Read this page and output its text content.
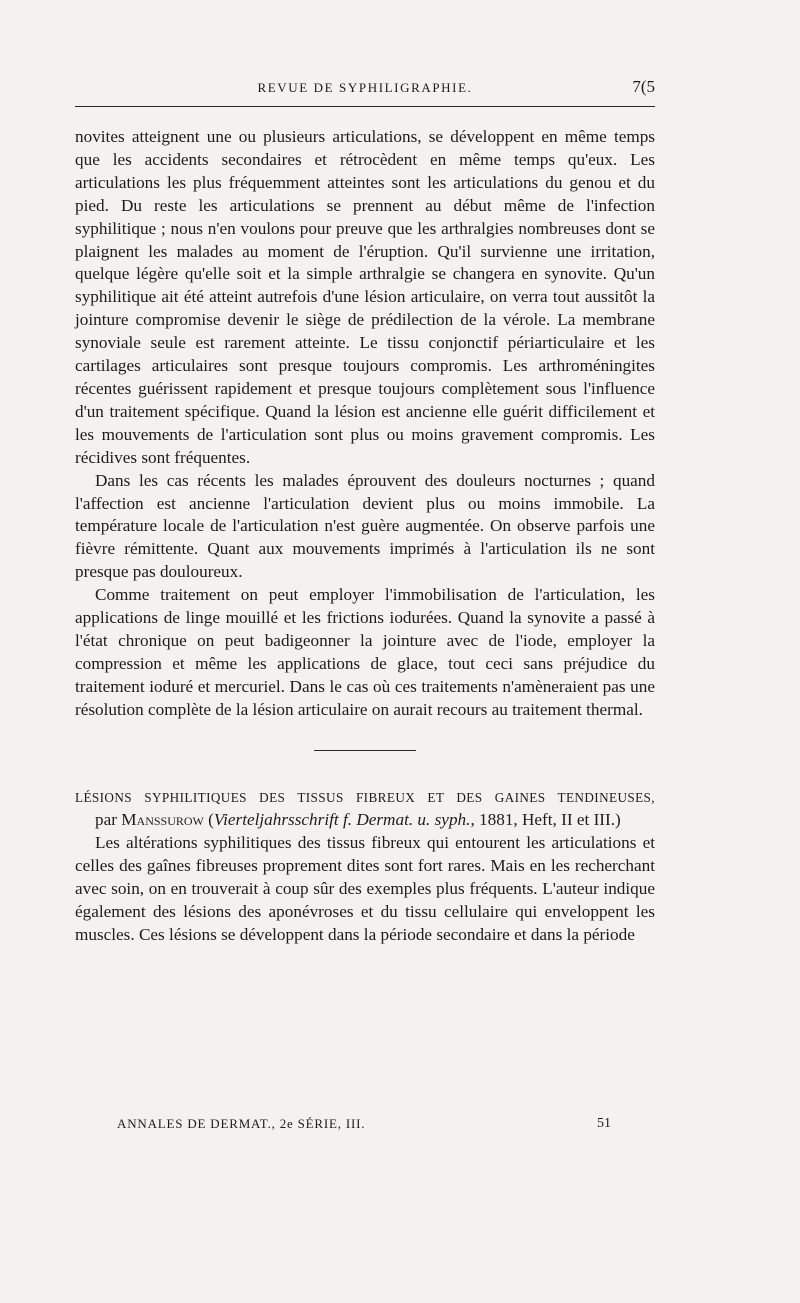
REVUE DE SYPHILIGRAPHIE.	7(5

novites atteignent une ou plusieurs articulations, se développent en même temps que les accidents secondaires et rétrocèdent en même temps qu'eux. Les articulations les plus fréquemment atteintes sont les articulations du genou et du pied. Du reste les articulations se prennent au début même de l'infection syphilitique ; nous n'en voulons pour preuve que les arthralgies nombreuses dont se plaignent les malades au moment de l'éruption. Qu'il survienne une irritation, quelque légère qu'elle soit et la simple arthralgie se changera en synovite. Qu'un syphilitique ait été atteint autrefois d'une lésion articulaire, on verra tout aussitôt la jointure compromise devenir le siège de prédilection de la vérole. La membrane synoviale seule est rarement atteinte. Le tissu conjonctif périarticulaire et les cartilages articulaires sont presque toujours compromis. Les arthroméningites récentes guérissent rapidement et presque toujours complètement sous l'influence d'un traitement spécifique. Quand la lésion est ancienne elle guérit difficilement et les mouvements de l'articulation sont plus ou moins gravement compromis. Les récidives sont fréquentes.

Dans les cas récents les malades éprouvent des douleurs nocturnes ; quand l'affection est ancienne l'articulation devient plus ou moins immobile. La température locale de l'articulation n'est guère augmentée. On observe parfois une fièvre rémittente. Quant aux mouvements imprimés à l'articulation ils ne sont presque pas douloureux.

Comme traitement on peut employer l'immobilisation de l'articulation, les applications de linge mouillé et les frictions iodurées. Quand la synovite a passé à l'état chronique on peut badigeonner la jointure avec de l'iode, employer la compression et même les applications de glace, tout ceci sans préjudice du traitement ioduré et mercuriel. Dans le cas où ces traitements n'amèneraient pas une résolution complète de la lésion articulaire on aurait recours au traitement thermal.

LÉSIONS SYPHILITIQUES DES TISSUS FIBREUX ET DES GAINES TENDINEUSES,
par Manssurow (Vierteljahrsschrift f. Dermat. u. syph., 1881, Heft, II et III.)

Les altérations syphilitiques des tissus fibreux qui entourent les articulations et celles des gaînes fibreuses proprement dites sont fort rares. Mais en les recherchant avec soin, on en trouverait à coup sûr des exemples plus fréquents. L'auteur indique également des lésions des aponévroses et du tissu cellulaire qui enveloppent les muscles. Ces lésions se développent dans la période secondaire et dans la période

ANNALES DE DERMAT., 2e SÉRIE, III.	51
